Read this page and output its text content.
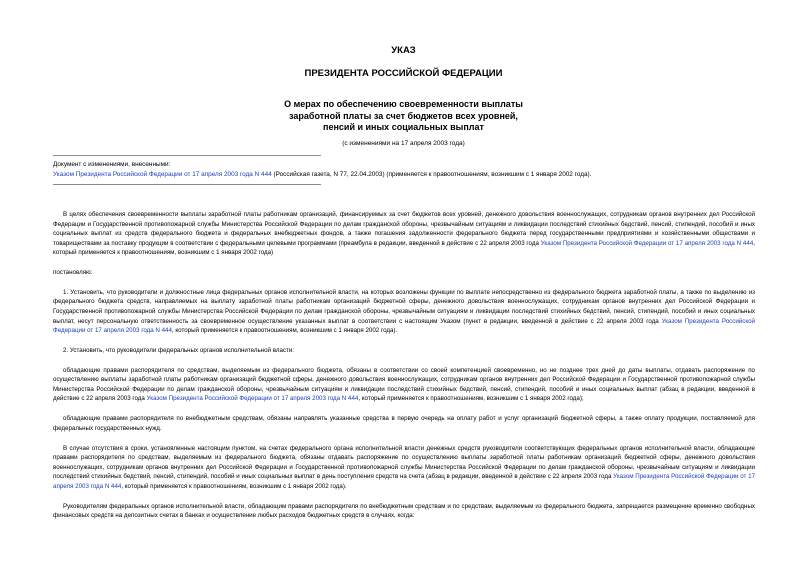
УКАЗ
ПРЕЗИДЕНТА РОССИЙСКОЙ ФЕДЕРАЦИИ
О мерах по обеспечению своевременности выплаты
заработной платы за счет бюджетов всех уровней,
пенсий и иных социальных выплат
(с изменениями на 17 апреля 2003 года)
Документ с изменениями, внесенными:
Указом Президента Российской Федерации от 17 апреля 2003 года N 444 (Российская газета, N 77, 22.04.2003) (применяется к правоотношениям, возникшим с 1 января 2002 года).

В целях обеспечения своевременности выплаты заработной платы работникам организаций, финансируемых за счет бюджетов всех уровней, денежного довольствия военнослужащих, сотрудникам органов внутренних дел Российской Федерации и Государственной противопожарной службы Министерства Российской Федерации по делам гражданской обороны, чрезвычайным ситуациям и ликвидации последствий стихийных бедствий, пенсий, стипендий, пособий и иных социальных выплат из средств федерального бюджета и федеральных внебюджетных фондов, а также погашения задолженности федерального бюджета перед государственными предприятиями и хозяйственными обществами и товариществами за поставку продукции в соответствии с федеральными целевыми программами (преамбула в редакции, введенной в действие с 22 апреля 2003 года Указом Президента Российской Федерации от 17 апреля 2003 года N 444, который применяется к правоотношениям, возникшим с 1 января 2002 года)

постановляю:

1. Установить, что руководители и должностные лица федеральных органов исполнительной власти, на которых возложены функции по выплате непосредственно из федерального бюджета заработной платы, а также по выделению из федерального бюджета средств, направляемых на выплату заработной платы работникам организаций бюджетной сферы, денежного довольствия военнослужащих, сотрудникам органов внутренних дел Российской Федерации и Государственной противопожарной службы Министерства Российской Федерации по делам гражданской обороны, чрезвычайным ситуациям и ликвидации последствий стихийных бедствий, пенсий, стипендий, пособий и иных социальных выплат, несут персональную ответственность за своевременное осуществление указанных выплат в соответствии с настоящим Указом (пункт в редакции, введенной в действие с 22 апреля 2003 года Указом Президента Российской Федерации от 17 апреля 2003 года N 444, который применяется к правоотношениям, возникшим с 1 января 2002 года).

2. Установить, что руководители федеральных органов исполнительной власти:

обладающие правами распорядителя по средствам, выделяемым из федерального бюджета, обязаны в соответствии со своей компетенцией своевременно, но не позднее трех дней до даты выплаты, отдавать распоряжение по осуществлению выплаты заработной платы работникам организаций бюджетной сферы, денежного довольствия военнослужащих, сотрудникам органов внутренних дел Российской Федерации и Государственной противопожарной службы Министерства Российской Федерации по делам гражданской обороны, чрезвычайным ситуациям и ликвидации последствий стихийных бедствий, пенсий, стипендий, пособий и иных социальных выплат (абзац в редакции, введенной в действие с 22 апреля 2003 года Указом Президента Российской Федерации от 17 апреля 2003 года N 444, который применяется к правоотношениям, возникшим с 1 января 2002 года);

обладающие правами распорядителя по внебюджетным средствам, обязаны направлять указанные средства в первую очередь на оплату работ и услуг организаций бюджетной сферы, а также оплату продукции, поставляемой для федеральных государственных нужд.

В случае отсутствия в сроки, установленные настоящим пунктом, на счетах федерального органа исполнительной власти денежных средств руководители соответствующих федеральных органов исполнительной власти, обладающие правами распорядителя по средствам, выделяемым из федерального бюджета, обязаны отдавать распоряжение по осуществлению выплаты заработной платы работникам организаций бюджетной сферы, денежного довольствия военнослужащих, сотрудникам органов внутренних дел Российской Федерации и Государственной противопожарной службы Министерства Российской Федерации по делам гражданской обороны, чрезвычайным ситуациям и ликвидации последствий стихийных бедствий, пенсий, стипендий, пособий и иных социальных выплат в день поступления средств на счета (абзац в редакции, введенной в действие с 22 апреля 2003 года Указом Президента Российской Федерации от 17 апреля 2003 года N 444, который применяется к правоотношениям, возникшим с 1 января 2002 года).

Руководителям федеральных органов исполнительной власти, обладающим правами распорядителя по внебюджетным средствам и по средствам, выделяемым из федерального бюджета, запрещается размещение временно свободных финансовых средств на депозитных счетах в банках и осуществление любых расходов бюджетных средств в случаях, когда:
